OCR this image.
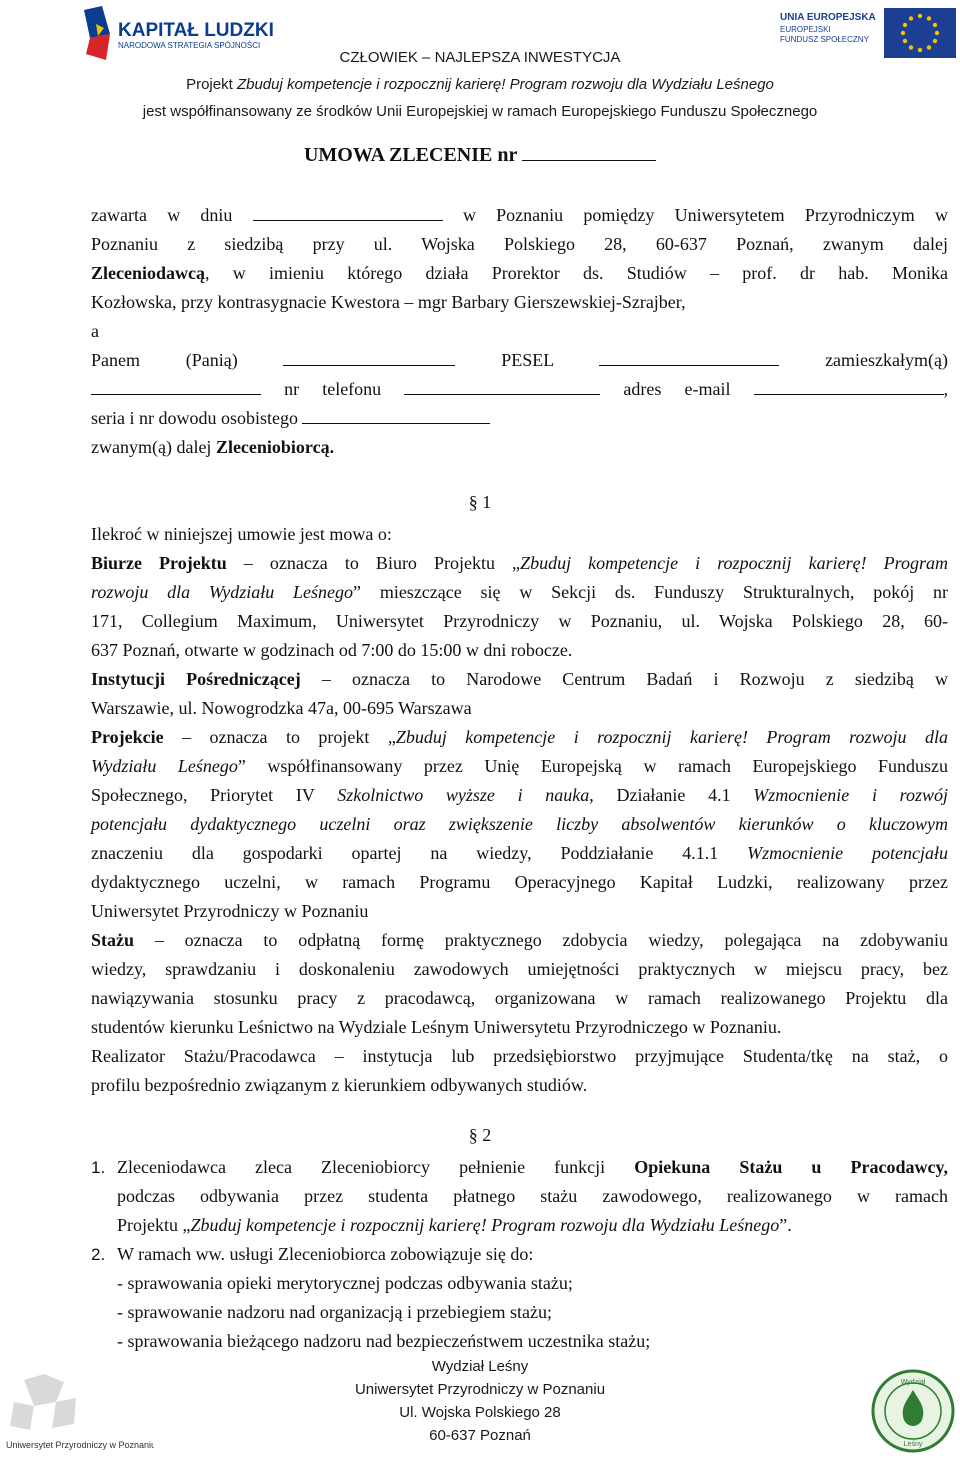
KAPITAŁ LUDZKI
NARODOWA STRATEGIA SPÓJNOŚCI
UNIA EUROPEJSKA
EUROPEJSKI
FUNDUSZ SPOŁECZNY
CZŁOWIEK – NAJLEPSZA INWESTYCJA
Projekt Zbuduj kompetencje i rozpocznij karierę! Program rozwoju dla Wydziału Leśnego
jest współfinansowany ze środków Unii Europejskiej w ramach Europejskiego Funduszu Społecznego
UMOWA ZLECENIE nr
zawarta w dniu	w Poznaniu pomiędzy Uniwersytetem Przyrodniczym w
Poznaniu z siedzibą przy ul. Wojska Polskiego 28, 60-637 Poznań, zwanym dalej
Zleceniodawcą, w imieniu którego działa Prorektor ds. Studiów – prof. dr hab. Monika
Kozłowska, przy kontrasygnacie Kwestora – mgr Barbary Gierszewskiej-Szrajber,
a
Panem (Panią)	PESEL	zamieszkałym(ą)
nr telefonu	adres e-mail	,
seria i nr dowodu osobistego
zwanym(ą) dalej Zleceniobiorcą.
§ 1
Ilekroć w niniejszej umowie jest mowa o:
Biurze Projektu – oznacza to Biuro Projektu „Zbuduj kompetencje i rozpocznij karierę! Program
rozwoju dla Wydziału Leśnego” mieszczące się w Sekcji ds. Funduszy Strukturalnych, pokój nr
171, Collegium Maximum, Uniwersytet Przyrodniczy w Poznaniu, ul. Wojska Polskiego 28, 60-
637 Poznań, otwarte w godzinach od 7:00 do 15:00 w dni robocze.
Instytucji Pośredniczącej – oznacza to Narodowe Centrum Badań i Rozwoju z siedzibą w
Warszawie, ul. Nowogrodzka 47a, 00-695 Warszawa
Projekcie – oznacza to projekt „Zbuduj kompetencje i rozpocznij karierę! Program rozwoju dla
Wydziału Leśnego” współfinansowany przez Unię Europejską w ramach Europejskiego Funduszu
Społecznego, Priorytet IV Szkolnictwo wyższe i nauka, Działanie 4.1 Wzmocnienie i rozwój
potencjału dydaktycznego uczelni oraz zwiększenie liczby absolwentów kierunków o kluczowym
znaczeniu dla gospodarki opartej na wiedzy, Poddziałanie 4.1.1 Wzmocnienie potencjału
dydaktycznego uczelni, w ramach Programu Operacyjnego Kapitał Ludzki, realizowany przez
Uniwersytet Przyrodniczy w Poznaniu
Stażu – oznacza to odpłatną formę praktycznego zdobycia wiedzy, polegająca na zdobywaniu
wiedzy, sprawdzaniu i doskonaleniu zawodowych umiejętności praktycznych w miejscu pracy, bez
nawiązywania stosunku pracy z pracodawcą, organizowana w ramach realizowanego Projektu dla
studentów kierunku Leśnictwo na Wydziale Leśnym Uniwersytetu Przyrodniczego w Poznaniu.
Realizator Stażu/Pracodawca – instytucja lub przedsiębiorstwo przyjmujące Studenta/tkę na staż, o
profilu bezpośrednio związanym z kierunkiem odbywanych studiów.
§ 2
1. Zleceniodawca zleca Zleceniobiorcy pełnienie funkcji Opiekuna Stażu u Pracodawcy,
podczas odbywania przez studenta płatnego stażu zawodowego, realizowanego w ramach
Projektu „Zbuduj kompetencje i rozpocznij karierę! Program rozwoju dla Wydziału Leśnego”.
2. W ramach ww. usługi Zleceniobiorca zobowiązuje się do:
- sprawowania opieki merytorycznej podczas odbywania stażu;
- sprawowanie nadzoru nad organizacją i przebiegiem stażu;
- sprawowania bieżącego nadzoru nad bezpieczeństwem uczestnika stażu;
Wydział Leśny
Uniwersytet Przyrodniczy w Poznaniu
Ul. Wojska Polskiego 28
60-637 Poznań
Uniwersytet Przyrodniczy w Poznaniu
Wydział
Leśny
